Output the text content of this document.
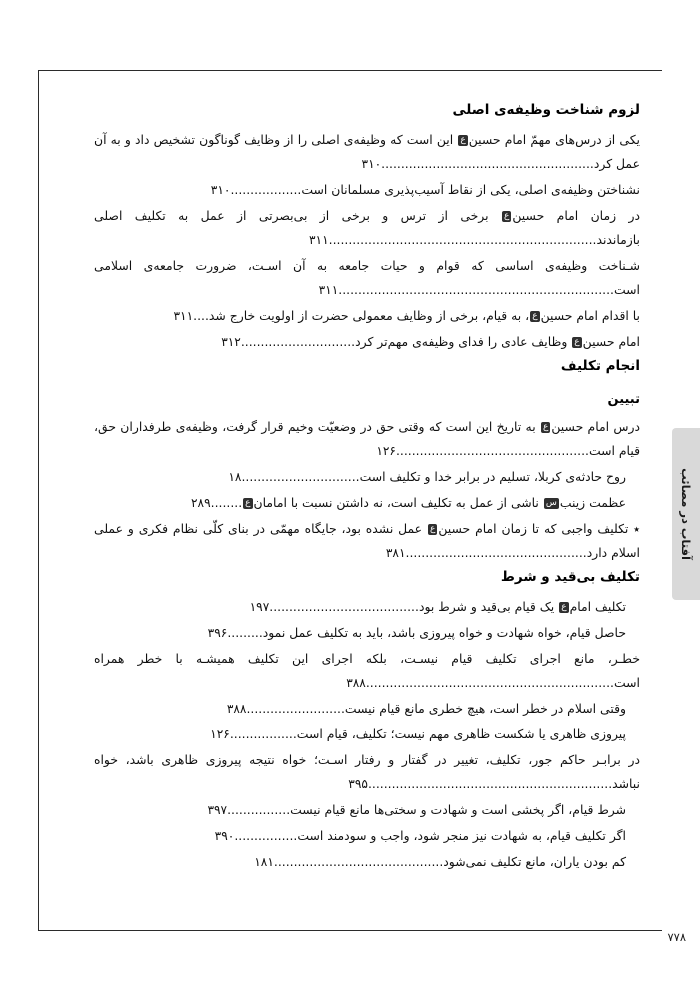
آفتاب در مصائب
لزوم شناخت وظیفه‌ی اصلی

یکی از درس‌های مهمّ امام حسینع این است که وظیفه‌ی اصلی را از وظایف گوناگون تشخیص داد و به آن عمل کرد......................................................۳۱۰

نشناختن وظیفه‌ی اصلی، یکی از نقاط آسیب‌پذیری مسلمانان است..................۳۱۰

در زمان امام حسینع برخی از ترس و برخی از بی‌بصرتی از عمل به تکلیف اصلی بازماندند....................................................................۳۱۱

شـناخت وظیفه‌ی اساسی که قوام و حیات جامعه به آن اسـت، ضرورت جامعه‌ی اسلامی است......................................................................۳۱۱

با اقدام امام حسینع، به قیام، برخی از وظایف معمولی حضرت از اولویت خارج شد....۳۱۱

امام حسینع وظایف عادی را فدای وظیفه‌ی مهم‌تر کرد.............................۳۱۲

انجام تکلیف
تبیین

درس امام حسینع به تاریخ این است که وقتی حق در وضعیّت وخیم قرار گرفت، وظیفه‌ی طرفداران حق، قیام است.................................................۱۲۶

روح حادثه‌ی کربلا، تسلیم در برابر خدا و تکلیف است..............................۱۸

عظمت زینبس ناشی از عمل به تکلیف است، نه داشتن نسبت با امامانع........۲۸۹

٭ تکلیف واجبی که تا زمان امام حسینع عمل نشده بود، جایگاه مهمّی در بنای کلّی نظام فکری و عملی اسلام دارد..............................................۳۸۱

تکلیف بی‌قید و شرط

تکلیف امامع یک قیام بی‌قید و شرط بود......................................۱۹۷

حاصل قیام، خواه شهادت و خواه پیروزی باشد، باید به تکلیف عمل نمود.........۳۹۶

خطـر، مانع اجرای تکلیف قیام نیسـت، بلکه اجرای این تکلیف همیشـه با خطر همراه است...............................................................۳۸۸

وقتی اسلام در خطر است، هیچ خطری مانع قیام نیست.........................۳۸۸

پیروزی ظاهری یا شکست ظاهری مهم نیست؛ تکلیف، قیام است.................۱۲۶

در برابـر حاکم جور، تکلیف، تغییر در گفتار و رفتار اسـت؛ خواه نتیجه پیروزی ظاهری باشد، خواه نباشد..............................................................۳۹۵

شرط قیام، اگر پخشی است و شهادت و سختی‌ها مانع قیام نیست................۳۹۷

اگر تکلیف قیام، به شهادت نیز منجر شود، واجب و سودمند است................۳۹۰

کم بودن یاران، مانع تکلیف نمی‌شود...........................................۱۸۱

۷۷۸
